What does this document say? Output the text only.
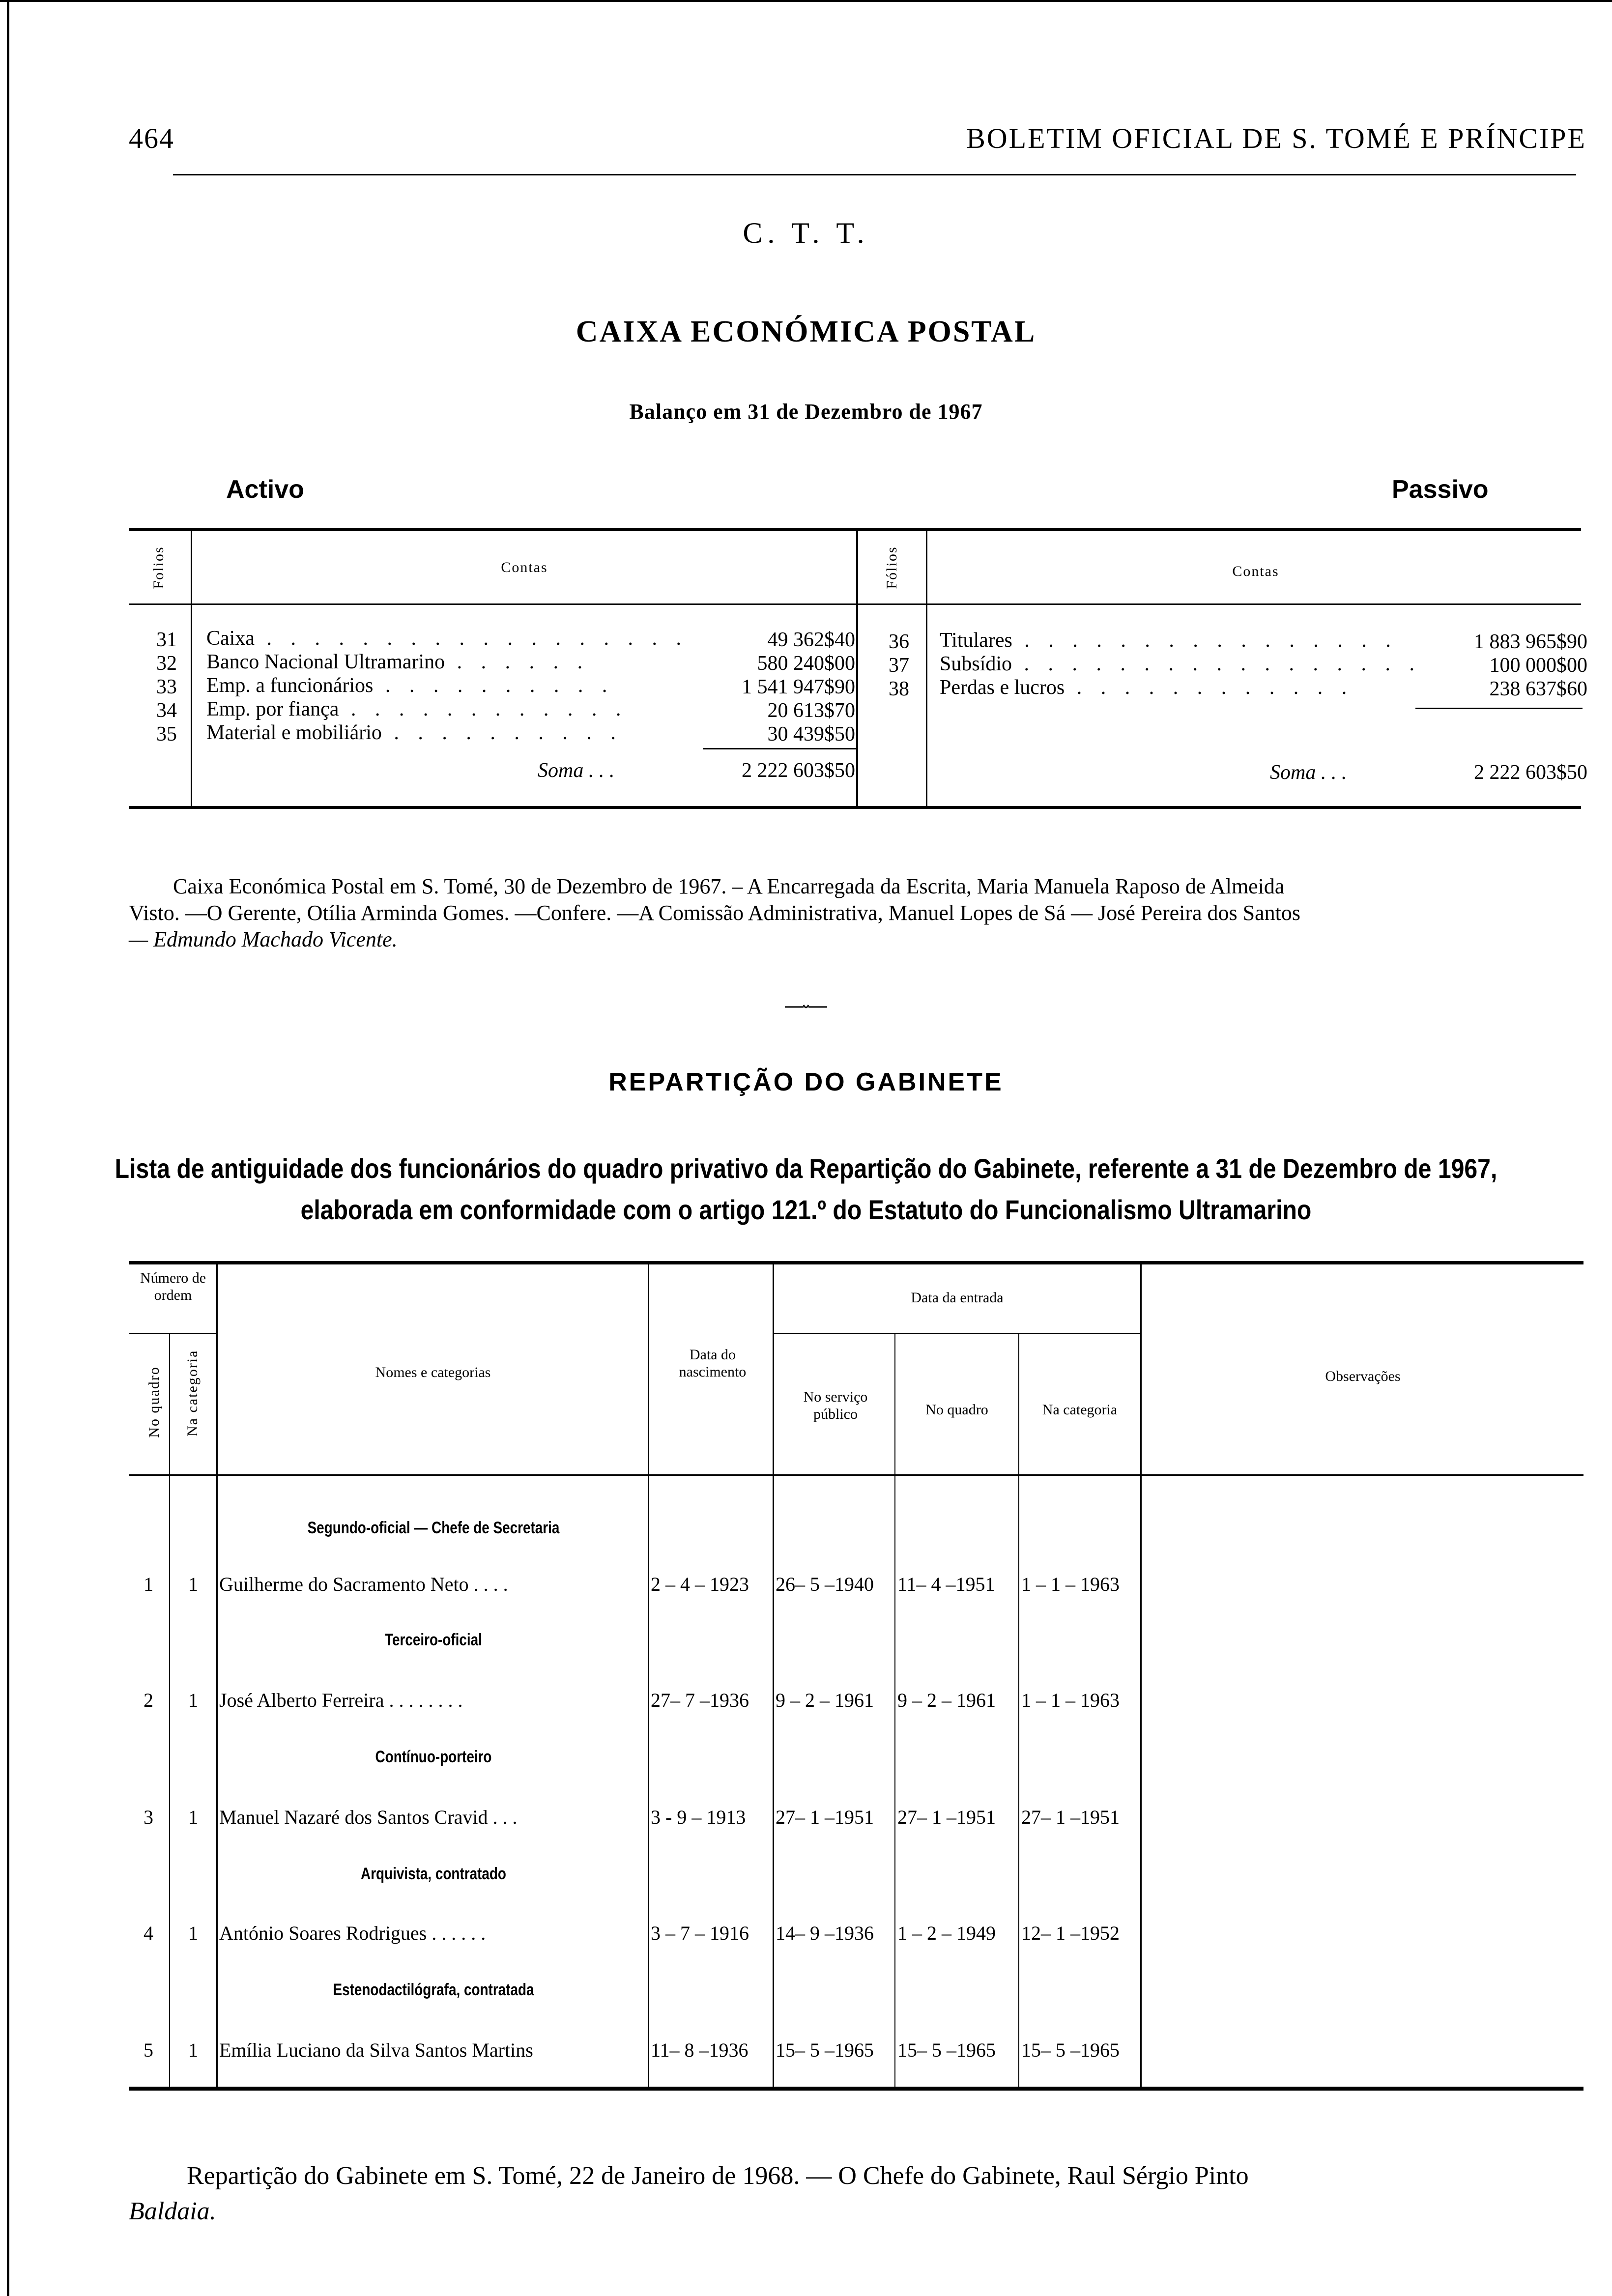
464	BOLETIM OFICIAL DE S. TOMÉ E PRÍNCIPE
C. T. T.
CAIXA ECONÓMICA POSTAL
Balanço em 31 de Dezembro de 1967
Activo	Passivo
Folios	Contas	Fólios	Contas
31 Caixa . . . . . . . . . . . . . . . . . .	49 362$40
32 Banco Nacional Ultramarino . . . . . .	580 240$00
33 Emp. a funcionários . . . . . . . . . .	1 541 947$90
34 Emp. por fiança . . . . . . . . . . . .	20 613$70
35 Material e mobiliário . . . . . . . . . .	30 439$50
Soma . . .	2 222 603$50
36 Titulares . . . . . . . . . . . . . . . .	1 883 965$90
37 Subsídio . . . . . . . . . . . . . . . . .	100 000$00
38 Perdas e lucros . . . . . . . . . . . .	238 637$60
Soma . . .	2 222 603$50
Caixa Económica Postal em S. Tomé, 30 de Dezembro de 1967. – A Encarregada da Escrita, Maria Manuela Raposo de Almeida
Visto. —O Gerente, Otília Arminda Gomes. —Confere. —A Comissão Administrativa, Manuel Lopes de Sá — José Pereira dos Santos
— Edmundo Machado Vicente.
REPARTIÇÃO DO GABINETE
Lista de antiguidade dos funcionários do quadro privativo da Repartição do Gabinete, referente a 31 de Dezembro de 1967,
elaborada em conformidade com o artigo 121.º do Estatuto do Funcionalismo Ultramarino
Número de ordem
No quadro Na categoria	Nomes e categorias
Data do nascimento
Data da entrada
No serviço público	No quadro	Na categoria
Observações
Segundo-oficial — Chefe de Secretaria
1	1	Guilherme do Sacramento Neto . . . .	2 – 4 – 1923 26– 5 –1940 11– 4 –1951 1 – 1 – 1963
Terceiro-oficial
2	1	José Alberto Ferreira . . . . . . . .	27– 7 –1936 9 – 2 – 1961 9 – 2 – 1961 1 – 1 – 1963
Contínuo-porteiro
3	1	Manuel Nazaré dos Santos Cravid . . .	3 - 9 – 1913 27– 1 –1951 27– 1 –1951 27– 1 –1951
Arquivista, contratado
4	1	António Soares Rodrigues . . . . . .	3 – 7 – 1916 14– 9 –1936 1 – 2 – 1949 12– 1 –1952
Estenodactilógrafa, contratada
5	1	Emília Luciano da Silva Santos Martins	11– 8 –1936 15– 5 –1965 15– 5 –1965 15– 5 –1965
Repartição do Gabinete em S. Tomé, 22 de Janeiro de 1968. — O Chefe do Gabinete, Raul Sérgio Pinto
Baldaia.
